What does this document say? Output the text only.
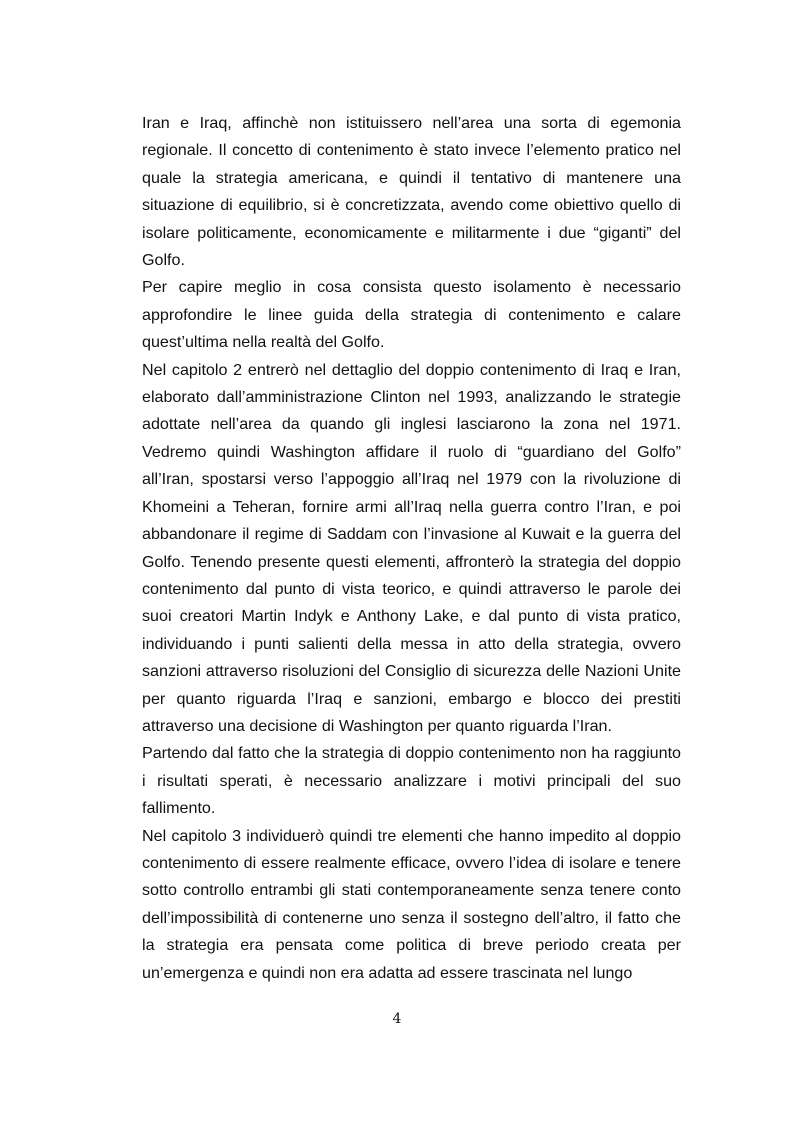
Iran e Iraq, affinchè non istituissero nell’area una sorta di egemonia regionale. Il concetto di contenimento è stato invece l’elemento pratico nel quale la strategia americana, e quindi il tentativo di mantenere una situazione di equilibrio, si è concretizzata, avendo come obiettivo quello di isolare politicamente, economicamente e militarmente i due “giganti” del Golfo.

Per capire meglio in cosa consista questo isolamento è necessario approfondire le linee guida della strategia di contenimento e calare quest’ultima nella realtà del Golfo.

Nel capitolo 2 entrerò nel dettaglio del doppio contenimento di Iraq e Iran, elaborato dall’amministrazione Clinton nel 1993, analizzando le strategie adottate nell’area da quando gli inglesi lasciarono la zona nel 1971. Vedremo quindi Washington affidare il ruolo di “guardiano del Golfo” all’Iran, spostarsi verso l’appoggio all’Iraq nel 1979 con la rivoluzione di Khomeini a Teheran, fornire armi all’Iraq nella guerra contro l’Iran, e poi abbandonare il regime di Saddam con l’invasione al Kuwait e la guerra del Golfo. Tenendo presente questi elementi, affronterò la strategia del doppio contenimento dal punto di vista teorico, e quindi attraverso le parole dei suoi creatori Martin Indyk e Anthony Lake, e dal punto di vista pratico, individuando i punti salienti della messa in atto della strategia, ovvero sanzioni attraverso risoluzioni del Consiglio di sicurezza delle Nazioni Unite per quanto riguarda l’Iraq e sanzioni, embargo e blocco dei prestiti attraverso una decisione di Washington per quanto riguarda l’Iran.

Partendo dal fatto che la strategia di doppio contenimento non ha raggiunto i risultati sperati, è necessario analizzare i motivi principali del suo fallimento.

Nel capitolo 3 individuerò quindi tre elementi che hanno impedito al doppio contenimento di essere realmente efficace, ovvero l’idea di isolare e tenere sotto controllo entrambi gli stati contemporaneamente senza tenere conto dell’impossibilità di contenerne uno senza il sostegno dell’altro, il fatto che la strategia era pensata come politica di breve periodo creata per un’emergenza e quindi non era adatta ad essere trascinata nel lungo

4
